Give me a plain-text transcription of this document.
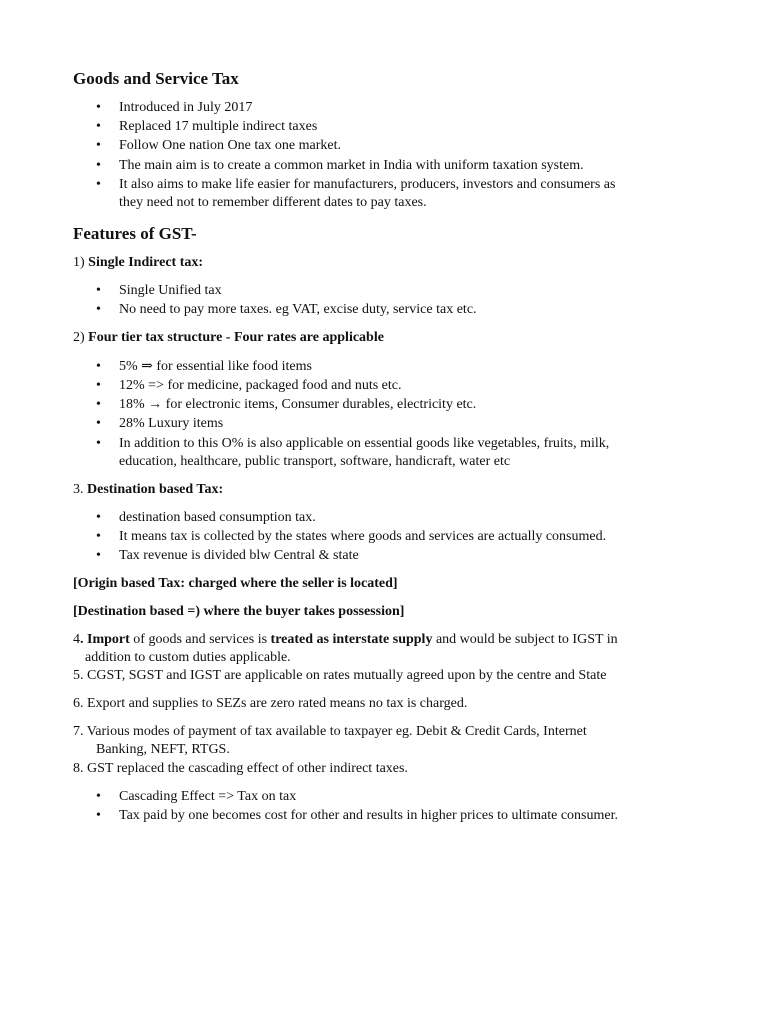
Goods and Service Tax
• Introduced in July 2017
• Replaced 17 multiple indirect taxes
• Follow One nation One tax one market.
• The main aim is to create a common market in India with uniform taxation system.
• It also aims to make life easier for manufacturers, producers, investors and consumers as
they need not to remember different dates to pay taxes.
Features of GST-
1) Single Indirect tax:
• Single Unified tax
• No need to pay more taxes. eg VAT, excise duty, service tax etc.
2) Four tier tax structure - Four rates are applicable
• 5% ⇒ for essential like food items
• 12% => for medicine, packaged food and nuts etc.
• 18% → for electronic items, Consumer durables, electricity etc.
• 28% Luxury items
• In addition to this O% is also applicable on essential goods like vegetables, fruits, milk,
education, healthcare, public transport, software, handicraft, water etc
3. Destination based Tax:
• destination based consumption tax.
• It means tax is collected by the states where goods and services are actually consumed.
• Tax revenue is divided blw Central & state
[Origin based Tax: charged where the seller is located]
[Destination based =) where the buyer takes possession]
4. Import of goods and services is treated as interstate supply and would be subject to IGST in
addition to custom duties applicable.
5. CGST, SGST and IGST are applicable on rates mutually agreed upon by the centre and State
6. Export and supplies to SEZs are zero rated means no tax is charged.
7. Various modes of payment of tax available to taxpayer eg. Debit & Credit Cards, Internet
Banking, NEFT, RTGS.
8. GST replaced the cascading effect of other indirect taxes.
• Cascading Effect => Tax on tax
• Tax paid by one becomes cost for other and results in higher prices to ultimate consumer.
